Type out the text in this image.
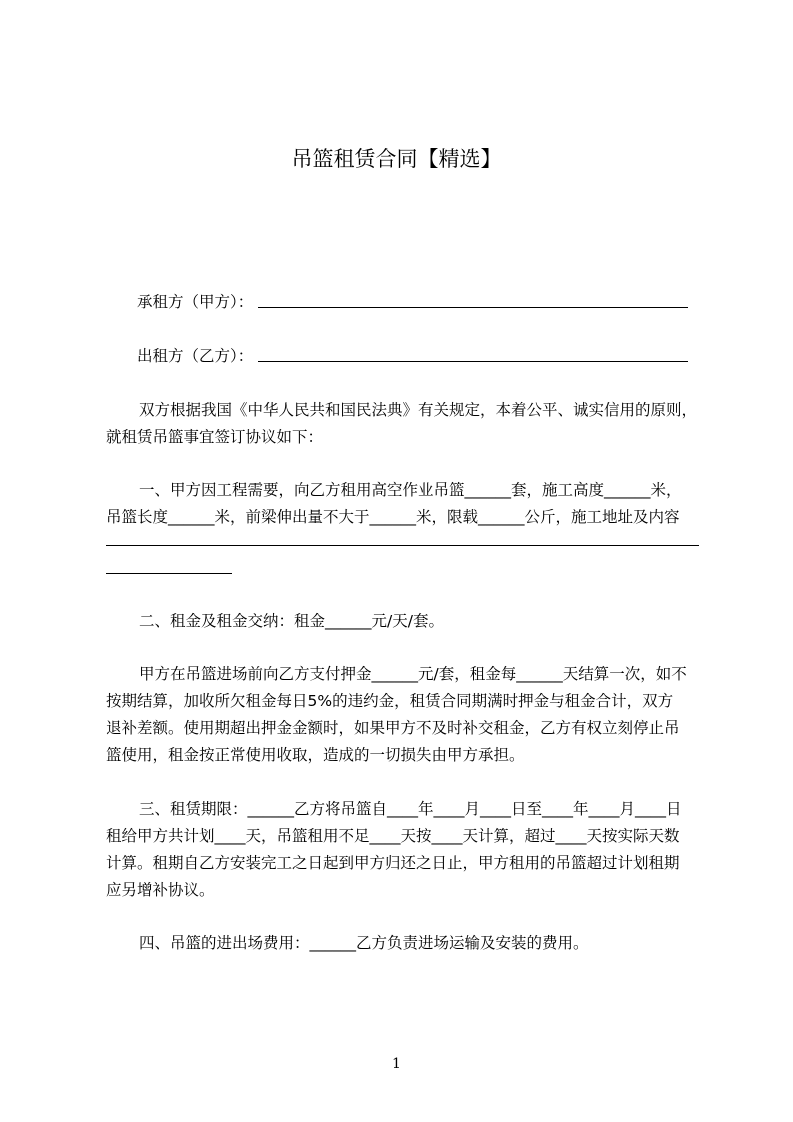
吊篮租赁合同【精选】
承租方（甲方）：
出租方（乙方）：
双方根据我国《中华人民共和国民法典》有关规定，本着公平、诚实信用的原则，
就租赁吊篮事宜签订协议如下：
一、甲方因工程需要，向乙方租用高空作业吊篮______套，施工高度______米，
吊篮长度______米，前梁伸出量不大于______米，限载______公斤，施工地址及内容
二、租金及租金交纳：租金______元/天/套。
甲方在吊篮进场前向乙方支付押金______元/套，租金每______天结算一次，如不
按期结算，加收所欠租金每日5%的违约金，租赁合同期满时押金与租金合计，双方
退补差额。使用期超出押金金额时，如果甲方不及时补交租金，乙方有权立刻停止吊
篮使用，租金按正常使用收取，造成的一切损失由甲方承担。
三、租赁期限：______乙方将吊篮自____年____月____日至____年____月____日
租给甲方共计划____天，吊篮租用不足____天按____天计算，超过____天按实际天数
计算。租期自乙方安装完工之日起到甲方归还之日止，甲方租用的吊篮超过计划租期
应另增补协议。
四、吊篮的进出场费用：______乙方负责进场运输及安装的费用。
1
